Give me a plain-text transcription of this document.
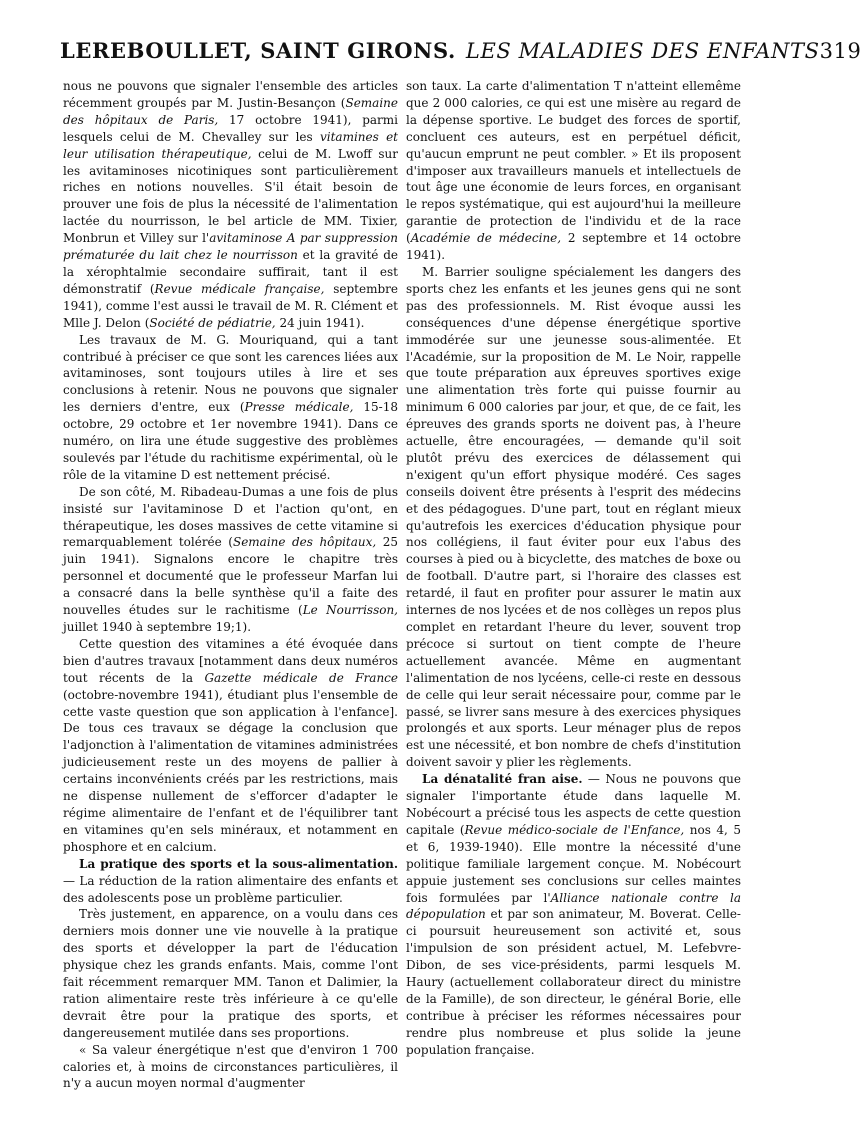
LEREBOULLET, SAINT GIRONS. LES MALADIES DES ENFANTS 319

nous ne pouvons que signaler l'ensemble des articles récemment groupés par M. Justin-Besançon (Semaine des hôpitaux de Paris, 17 octobre 1941), parmi lesquels celui de M. Chevalley sur les vitamines et leur utilisation thérapeutique, celui de M. Lwoff sur les avitaminoses nicotiniques sont particulièrement riches en notions nouvelles. S'il était besoin de prouver une fois de plus la nécessité de l'alimentation lactée du nourrisson, le bel article de MM. Tixier, Monbrun et Villey sur l'avitaminose A par suppression prématurée du lait chez le nourrisson et la gravité de la xérophtalmie secondaire suffirait, tant il est démonstratif (Revue médicale française, septembre 1941), comme l'est aussi le travail de M. R. Clément et Mlle J. Delon (Société de pédiatrie, 24 juin 1941).

Les travaux de M. G. Mouriquand, qui a tant contribué à préciser ce que sont les carences liées aux avitaminoses, sont toujours utiles à lire et ses conclusions à retenir. Nous ne pouvons que signaler les derniers d'entre, eux (Presse médicale, 15-18 octobre, 29 octobre et 1er novembre 1941). Dans ce numéro, on lira une étude suggestive des problèmes soulevés par l'étude du rachitisme expérimental, où le rôle de la vitamine D est nettement précisé.

De son côté, M. Ribadeau-Dumas a une fois de plus insisté sur l'avitaminose D et l'action qu'ont, en thérapeutique, les doses massives de cette vitamine si remarquablement tolérée (Semaine des hôpitaux, 25 juin 1941). Signalons encore le chapitre très personnel et documenté que le professeur Marfan lui a consacré dans la belle synthèse qu'il a faite des nouvelles études sur le rachitisme (Le Nourrisson, juillet 1940 à septembre 19;1).

Cette question des vitamines a été évoquée dans bien d'autres travaux [notamment dans deux numéros tout récents de la Gazette médicale de France (octobre-novembre 1941), étudiant plus l'ensemble de cette vaste question que son application à l'enfance]. De tous ces travaux se dégage la conclusion que l'adjonction à l'alimentation de vitamines administrées judicieusement reste un des moyens de pallier à certains inconvénients créés par les restrictions, mais ne dispense nullement de s'efforcer d'adapter le régime alimentaire de l'enfant et de l'équilibrer tant en vitamines qu'en sels minéraux, et notamment en phosphore et en calcium.

La pratique des sports et la sous-alimentation. — La réduction de la ration alimentaire des enfants et des adolescents pose un problème particulier.

Très justement, en apparence, on a voulu dans ces derniers mois donner une vie nouvelle à la pratique des sports et développer la part de l'éducation physique chez les grands enfants. Mais, comme l'ont fait récemment remarquer MM. Tanon et Dalimier, la ration alimentaire reste très inférieure à ce qu'elle devrait être pour la pratique des sports, et dangereusement mutilée dans ses proportions.

« Sa valeur énergétique n'est que d'environ 1 700 calories et, à moins de circonstances particulières, il n'y a aucun moyen normal d'augmenter

son taux. La carte d'alimentation T n'atteint ellemême que 2 000 calories, ce qui est une misère au regard de la dépense sportive. Le budget des forces de sportif, concluent ces auteurs, est en perpétuel déficit, qu'aucun emprunt ne peut combler. » Et ils proposent d'imposer aux travailleurs manuels et intellectuels de tout âge une économie de leurs forces, en organisant le repos systématique, qui est aujourd'hui la meilleure garantie de protection de l'individu et de la race (Académie de médecine, 2 septembre et 14 octobre 1941).

M. Barrier souligne spécialement les dangers des sports chez les enfants et les jeunes gens qui ne sont pas des professionnels. M. Rist évoque aussi les conséquences d'une dépense énergétique sportive immodérée sur une jeunesse sous-alimentée. Et l'Académie, sur la proposition de M. Le Noir, rappelle que toute préparation aux épreuves sportives exige une alimentation très forte qui puisse fournir au minimum 6 000 calories par jour, et que, de ce fait, les épreuves des grands sports ne doivent pas, à l'heure actuelle, être encouragées, — demande qu'il soit plutôt prévu des exercices de délassement qui n'exigent qu'un effort physique modéré. Ces sages conseils doivent être présents à l'esprit des médecins et des pédagogues. D'une part, tout en réglant mieux qu'autrefois les exercices d'éducation physique pour nos collégiens, il faut éviter pour eux l'abus des courses à pied ou à bicyclette, des matches de boxe ou de football. D'autre part, si l'horaire des classes est retardé, il faut en profiter pour assurer le matin aux internes de nos lycées et de nos collèges un repos plus complet en retardant l'heure du lever, souvent trop précoce si surtout on tient compte de l'heure actuellement avancée. Même en augmentant l'alimentation de nos lycéens, celle-ci reste en dessous de celle qui leur serait nécessaire pour, comme par le passé, se livrer sans mesure à des exercices physiques prolongés et aux sports. Leur ménager plus de repos est une nécessité, et bon nombre de chefs d'institution doivent savoir y plier les règlements.

La dénatalité fran aise. — Nous ne pouvons que signaler l'importante étude dans laquelle M. Nobécourt a précisé tous les aspects de cette question capitale (Revue médico-sociale de l'Enfance, nos 4, 5 et 6, 1939-1940). Elle montre la nécessité d'une politique familiale largement conçue. M. Nobécourt appuie justement ses conclusions sur celles maintes fois formulées par l'Alliance nationale contre la dépopulation et par son animateur, M. Boverat. Celle-ci poursuit heureusement son activité et, sous l'impulsion de son président actuel, M. Lefebvre-Dibon, de ses vice-présidents, parmi lesquels M. Haury (actuellement collaborateur direct du ministre de la Famille), de son directeur, le général Borie, elle contribue à préciser les réformes nécessaires pour rendre plus nombreuse et plus solide la jeune population française.
